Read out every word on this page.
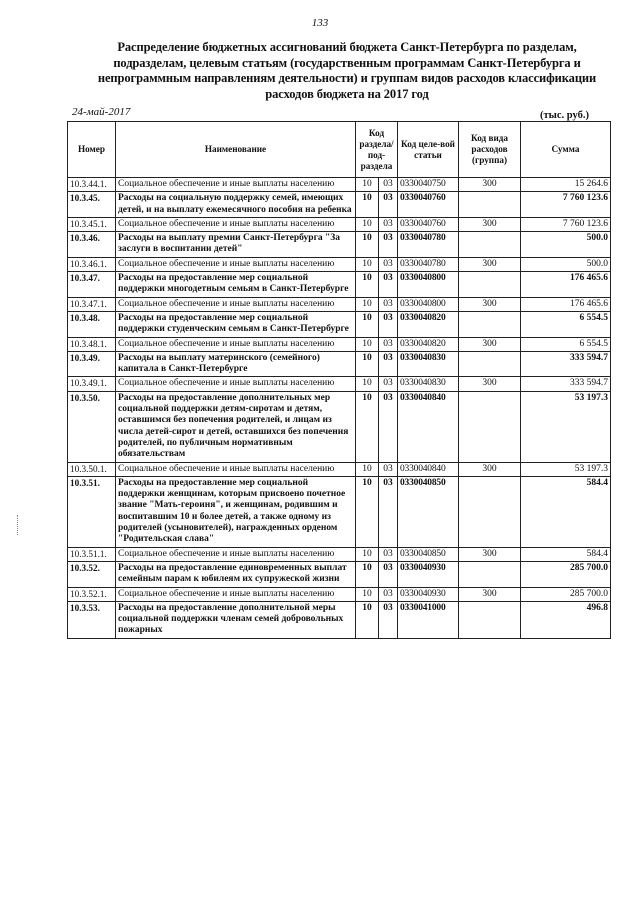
133
Распределение бюджетных ассигнований бюджета Санкт-Петербурга по разделам, подразделам, целевым статьям (государственным программам Санкт-Петербурга и непрограммным направлениям деятельности) и группам видов расходов классификации расходов бюджета на 2017 год
24-май-2017	(тыс. руб.)
Номер	Наименование	Код раздела/ под-раздела		Код целе-вой статьи	Код вида расходов (группа)	Сумма
10.3.44.1.	Социальное обеспечение и иные выплаты населению	10	03	0330040750	300	15 264.6
10.3.45.	Расходы на социальную поддержку семей, имеющих детей, и на выплату ежемесячного пособия на ребенка	10	03	0330040760		7 760 123.6
10.3.45.1.	Социальное обеспечение и иные выплаты населению	10	03	0330040760	300	7 760 123.6
10.3.46.	Расходы на выплату премии Санкт-Петербурга "За заслуги в воспитании детей"	10	03	0330040780		500.0
10.3.46.1.	Социальное обеспечение и иные выплаты населению	10	03	0330040780	300	500.0
10.3.47.	Расходы на предоставление мер социальной поддержки многодетным семьям в Санкт-Петербурге	10	03	0330040800		176 465.6
10.3.47.1.	Социальное обеспечение и иные выплаты населению	10	03	0330040800	300	176 465.6
10.3.48.	Расходы на предоставление мер социальной поддержки студенческим семьям в Санкт-Петербурге	10	03	0330040820		6 554.5
10.3.48.1.	Социальное обеспечение и иные выплаты населению	10	03	0330040820	300	6 554.5
10.3.49.	Расходы на выплату материнского (семейного) капитала в Санкт-Петербурге	10	03	0330040830		333 594.7
10.3.49.1.	Социальное обеспечение и иные выплаты населению	10	03	0330040830	300	333 594.7
10.3.50.	Расходы на предоставление дополнительных мер социальной поддержки детям-сиротам и детям, оставшимся без попечения родителей, и лицам из числа детей-сирот и детей, оставшихся без попечения родителей, по публичным нормативным обязательствам	10	03	0330040840		53 197.3
10.3.50.1.	Социальное обеспечение и иные выплаты населению	10	03	0330040840	300	53 197.3
10.3.51.	Расходы на предоставление мер социальной поддержки женщинам, которым присвоено почетное звание "Мать-героиня", и женщинам, родившим и воспитавшим 10 и более детей, а также одному из родителей (усыновителей), награжденных орденом "Родительская слава"	10	03	0330040850		584.4
10.3.51.1.	Социальное обеспечение и иные выплаты населению	10	03	0330040850	300	584.4
10.3.52.	Расходы на предоставление единовременных выплат семейным парам к юбилеям их супружеской жизни	10	03	0330040930		285 700.0
10.3.52.1.	Социальное обеспечение и иные выплаты населению	10	03	0330040930	300	285 700.0
10.3.53.	Расходы на предоставление дополнительной меры социальной поддержки членам семей добровольных пожарных	10	03	0330041000		496.8
